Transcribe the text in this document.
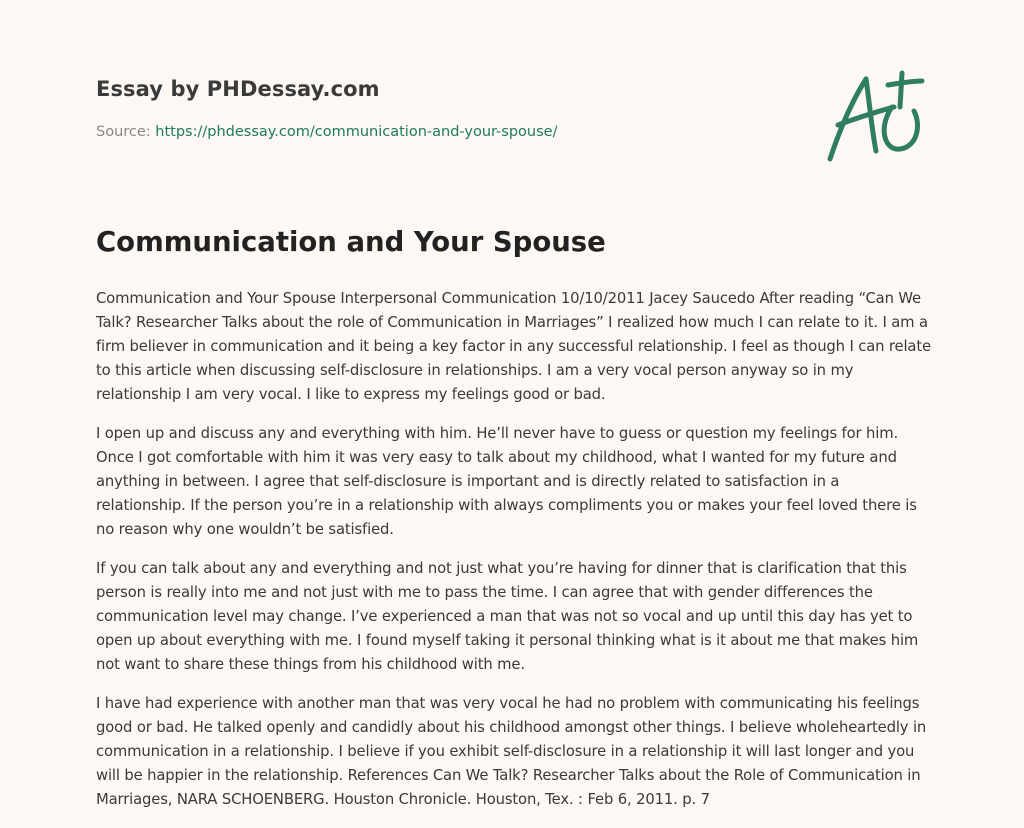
Essay by PHDessay.com

Source: https://phdessay.com/communication-and-your-spouse/

Communication and Your Spouse

Communication and Your Spouse Interpersonal Communication 10/10/2011 Jacey Saucedo After reading “Can We Talk? Researcher Talks about the role of Communication in Marriages” I realized how much I can relate to it. I am a firm believer in communication and it being a key factor in any successful relationship. I feel as though I can relate to this article when discussing self-disclosure in relationships. I am a very vocal person anyway so in my relationship I am very vocal. I like to express my feelings good or bad.

I open up and discuss any and everything with him. He’ll never have to guess or question my feelings for him. Once I got comfortable with him it was very easy to talk about my childhood, what I wanted for my future and anything in between. I agree that self-disclosure is important and is directly related to satisfaction in a relationship. If the person you’re in a relationship with always compliments you or makes your feel loved there is no reason why one wouldn’t be satisfied.

If you can talk about any and everything and not just what you’re having for dinner that is clarification that this person is really into me and not just with me to pass the time. I can agree that with gender differences the communication level may change. I’ve experienced a man that was not so vocal and up until this day has yet to open up about everything with me. I found myself taking it personal thinking what is it about me that makes him not want to share these things from his childhood with me.

I have had experience with another man that was very vocal he had no problem with communicating his feelings good or bad. He talked openly and candidly about his childhood amongst other things. I believe wholeheartedly in communication in a relationship. I believe if you exhibit self-disclosure in a relationship it will last longer and you will be happier in the relationship. References Can We Talk? Researcher Talks about the Role of Communication in Marriages, NARA SCHOENBERG. Houston Chronicle. Houston, Tex. : Feb 6, 2011. p. 7
